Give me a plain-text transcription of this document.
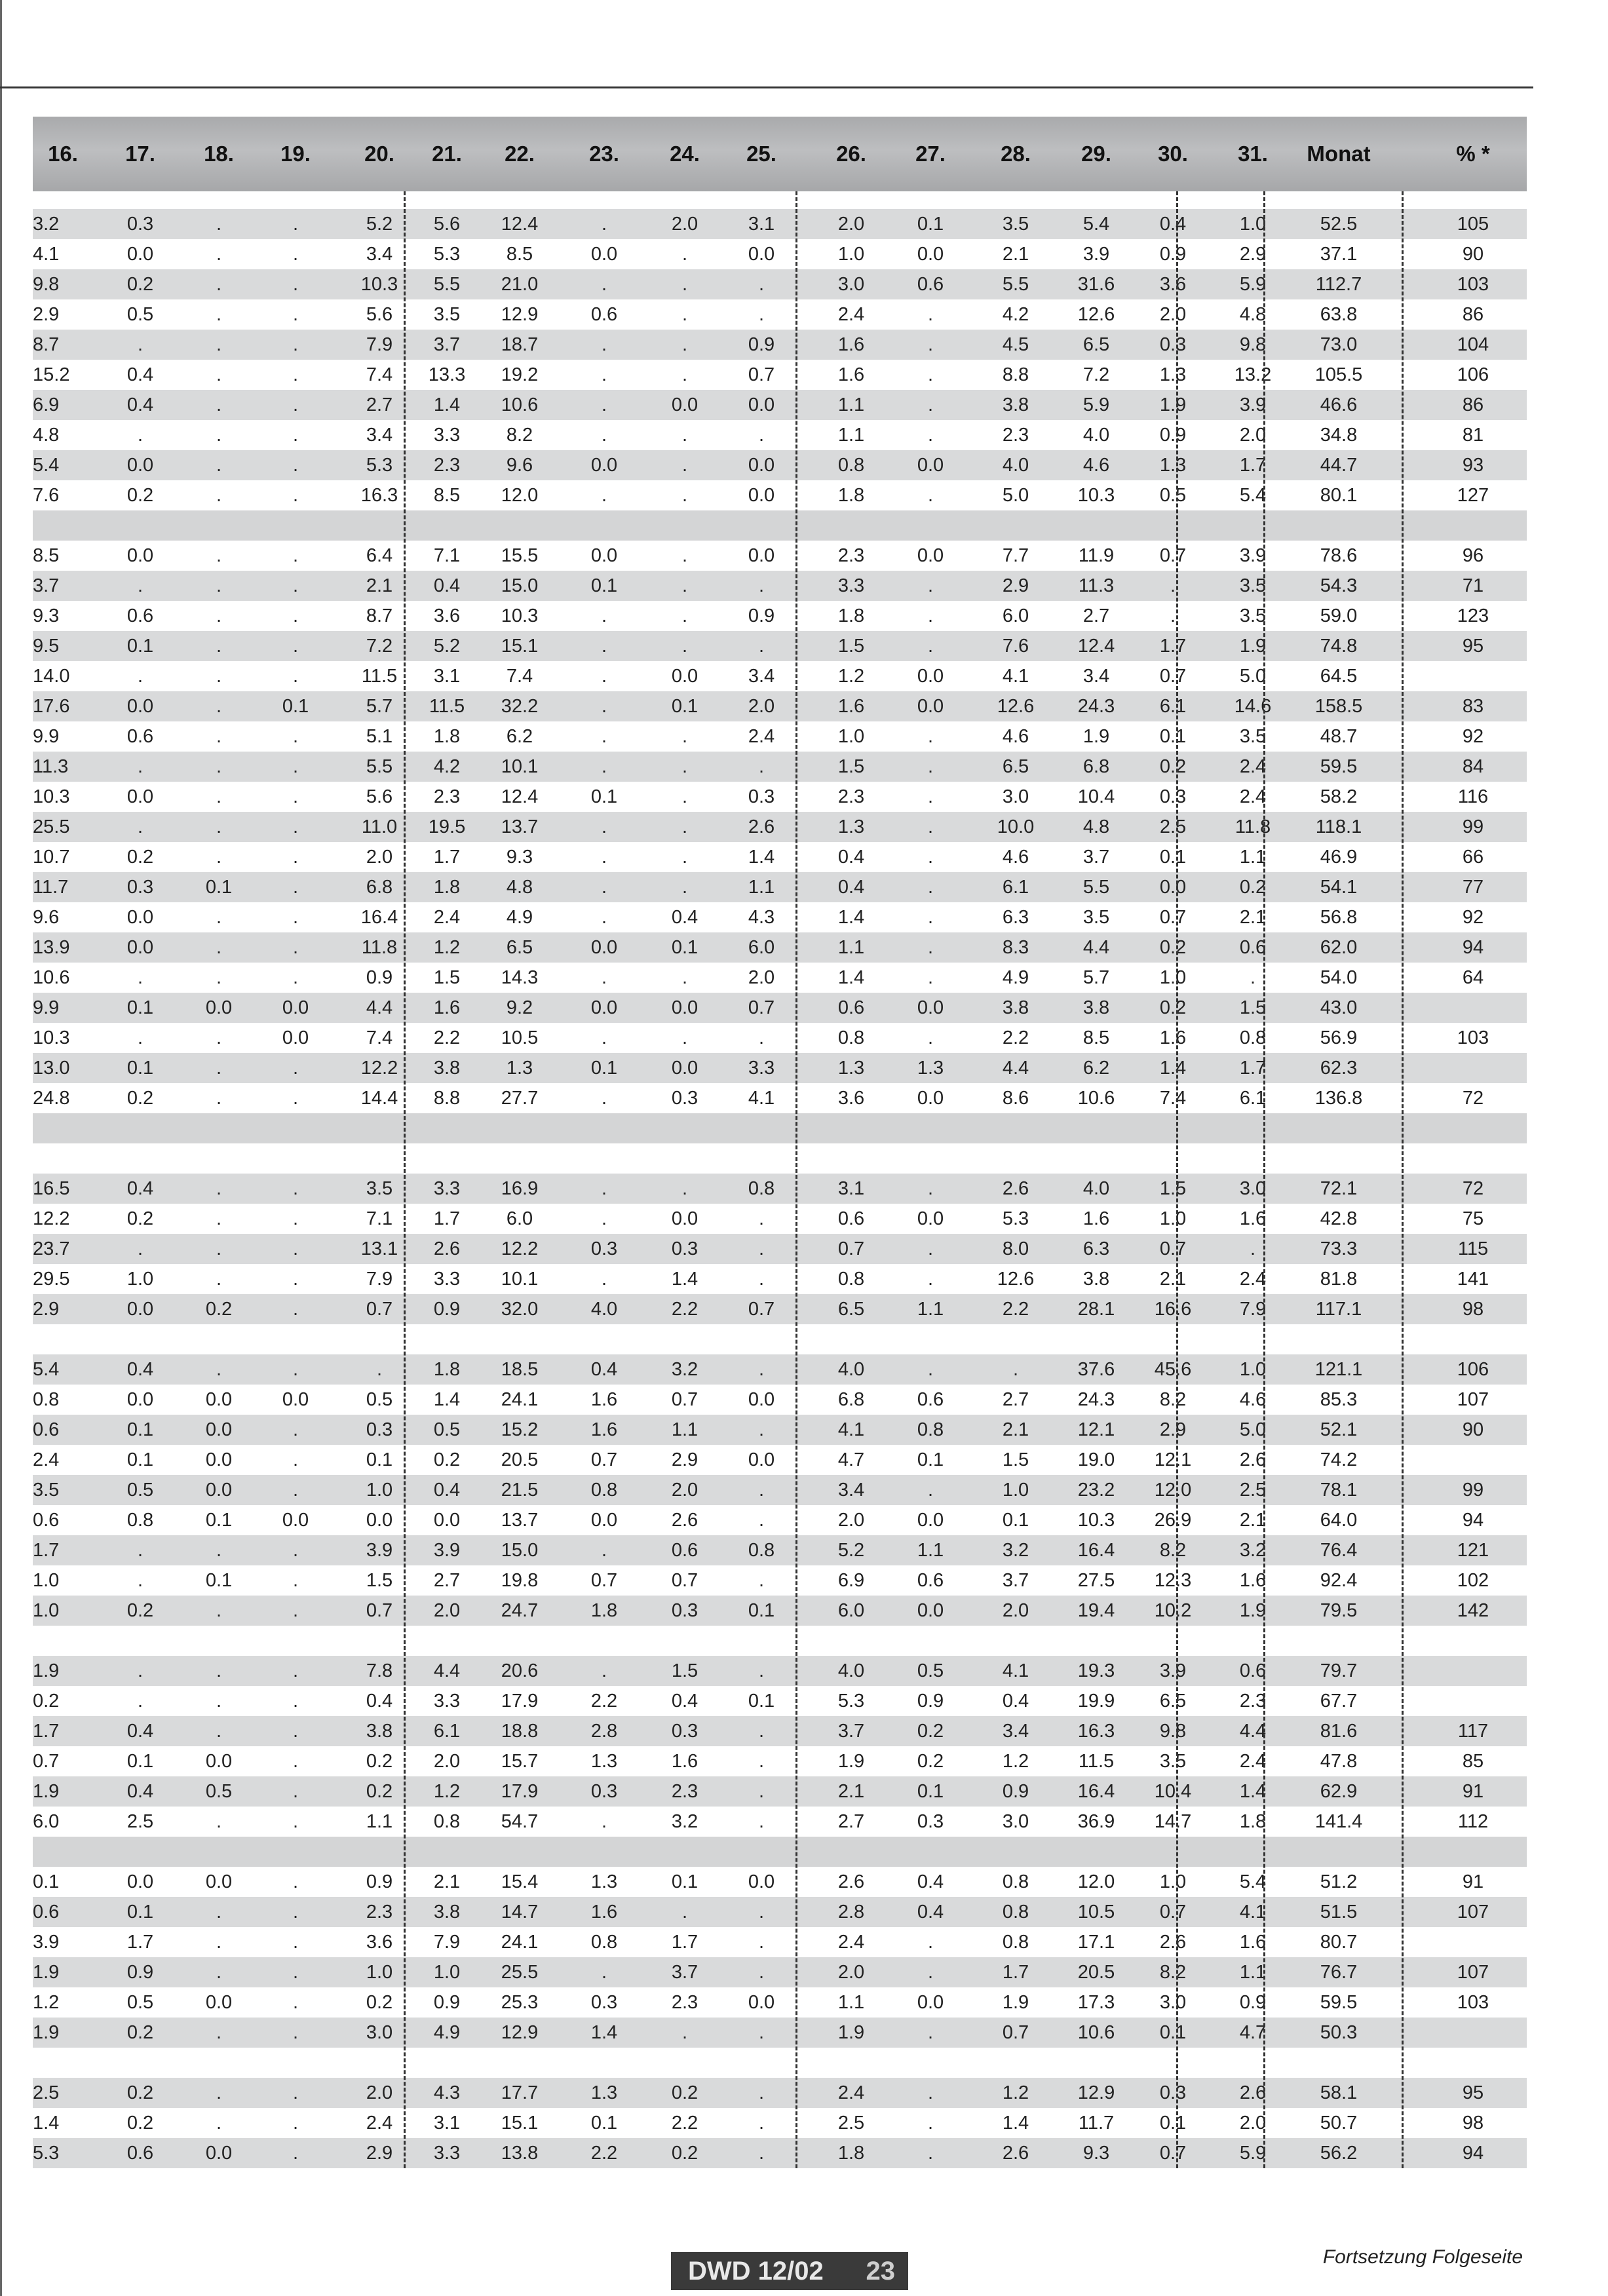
16. 17. 18. 19. 20. 21. 22.	23. 24. 25.	26. 27.	28. 29. 30. 31. Monat	% *
3.2	0.3	.	.	5.2 5.6 12.4	.	2.0	3.1	2.0	0.1	3.5	5.4	0.4	1.0	52.5	105
4.1	0.0	.	.	3.4 5.3 8.5	0.0	.	0.0	1.0	0.0	2.1	3.9	0.9	2.9	37.1	90
9.8	0.2	.	.	10.3 5.5 21.0	.	.	.	3.0	0.6	5.5	31.6 3.6	5.9	112.7	103
2.9	0.5	.	.	5.6 3.5 12.9	0.6	.	.	2.4	.	4.2	12.6 2.0	4.8	63.8	86
8.7	.	.	.	7.9 3.7 18.7	.	.	0.9	1.6	.	4.5	6.5	0.3	9.8	73.0	104
15.2	0.4	.	.	7.4 13.3 19.2	.	.	0.7	1.6	.	8.8	7.2	1.3	13.2 105.5	106
6.9	0.4	.	.	2.7 1.4 10.6	.	0.0	0.0	1.1	.	3.8	5.9	1.9	3.9	46.6	86
4.8	.	.	.	3.4 3.3 8.2	.	.	.	1.1	.	2.3	4.0	0.9	2.0	34.8	81
5.4	0.0	.	.	5.3 2.3 9.6	0.0	.	0.0	0.8	0.0	4.0	4.6	1.3	1.7	44.7	93
7.6	0.2	.	.	16.3 8.5 12.0	.	.	0.0	1.8	.	5.0	10.3 0.5	5.4	80.1	127
8.5	0.0	.	.	6.4 7.1 15.5	0.0	.	0.0	2.3	0.0	7.7	11.9 0.7	3.9	78.6	96
3.7	.	.	.	2.1 0.4 15.0	0.1	.	.	3.3	.	2.9	11.3	.	3.5	54.3	71
9.3	0.6	.	.	8.7 3.6 10.3	.	.	0.9	1.8	.	6.0	2.7	.	3.5	59.0	123
9.5	0.1	.	.	7.2 5.2 15.1	.	.	.	1.5	.	7.6	12.4 1.7	1.9	74.8	95
14.0	.	.	.	11.5 3.1 7.4	.	0.0	3.4	1.2	0.0	4.1	3.4	0.7	5.0	64.5
17.6	0.0	.	0.1	5.7 11.5 32.2	.	0.1	2.0	1.6	0.0	12.6 24.3 6.1	14.6 158.5	83
9.9	0.6	.	.	5.1 1.8 6.2	.	.	2.4	1.0	.	4.6	1.9	0.1	3.5	48.7	92
11.3	.	.	.	5.5 4.2 10.1	.	.	.	1.5	.	6.5	6.8	0.2	2.4	59.5	84
10.3	0.0	.	.	5.6 2.3 12.4	0.1	.	0.3	2.3	.	3.0	10.4 0.3	2.4	58.2	116
25.5	.	.	.	11.0 19.5 13.7	.	.	2.6	1.3	.	10.0	4.8	2.5	11.8 118.1	99
10.7	0.2	.	.	2.0 1.7 9.3	.	.	1.4	0.4	.	4.6	3.7	0.1	1.1	46.9	66
11.7	0.3	0.1	.	6.8 1.8 4.8	.	.	1.1	0.4	.	6.1	5.5	0.0	0.2	54.1	77
9.6	0.0	.	.	16.4 2.4 4.9	.	0.4	4.3	1.4	.	6.3	3.5	0.7	2.1	56.8	92
13.9	0.0	.	.	11.8 1.2 6.5	0.0	0.1	6.0	1.1	.	8.3	4.4	0.2	0.6	62.0	94
10.6	.	.	.	0.9 1.5 14.3	.	.	2.0	1.4	.	4.9	5.7	1.0	.	54.0	64
9.9	0.1	0.0	0.0	4.4 1.6 9.2	0.0	0.0	0.7	0.6	0.0	3.8	3.8	0.2	1.5	43.0
10.3	.	.	0.0	7.4 2.2 10.5	.	.	.	0.8	.	2.2	8.5	1.6	0.8	56.9	103
13.0	0.1	.	.	12.2 3.8 1.3	0.1	0.0	3.3	1.3	1.3	4.4	6.2	1.4	1.7	62.3
24.8	0.2	.	.	14.4 8.8 27.7	.	0.3	4.1	3.6	0.0	8.6	10.6 7.4	6.1	136.8	72
16.5	0.4	.	.	3.5 3.3 16.9	.	.	0.8	3.1	.	2.6	4.0	1.5	3.0	72.1	72
12.2	0.2	.	.	7.1 1.7 6.0	.	0.0	.	0.6	0.0	5.3	1.6	1.0	1.6	42.8	75
23.7	.	.	.	13.1 2.6 12.2	0.3	0.3	.	0.7	.	8.0	6.3	0.7	.	73.3	115
29.5	1.0	.	.	7.9 3.3 10.1	.	1.4	.	0.8	.	12.6	3.8	2.1	2.4	81.8	141
2.9	0.0	0.2	.	0.7 0.9 32.0	4.0	2.2	0.7	6.5	1.1	2.2	28.1 16.6	7.9	117.1	98
5.4	0.4	.	.	.	1.8 18.5	0.4	3.2	.	4.0	.	.	37.6 45.6	1.0	121.1	106
0.8	0.0	0.0	0.0	0.5 1.4 24.1	1.6	0.7	0.0	6.8	0.6	2.7	24.3 8.2	4.6	85.3	107
0.6	0.1	0.0	.	0.3 0.5 15.2	1.6	1.1	.	4.1	0.8	2.1	12.1 2.9	5.0	52.1	90
2.4	0.1	0.0	.	0.1 0.2 20.5	0.7	2.9	0.0	4.7	0.1	1.5	19.0 12.1	2.6	74.2
3.5	0.5	0.0	.	1.0 0.4 21.5	0.8	2.0	.	3.4	.	1.0	23.2 12.0	2.5	78.1	99
0.6	0.8	0.1	0.0	0.0 0.0 13.7	0.0	2.6	.	2.0	0.0	0.1	10.3 26.9	2.1	64.0	94
1.7	.	.	.	3.9 3.9 15.0	.	0.6	0.8	5.2	1.1	3.2	16.4 8.2	3.2	76.4	121
1.0	.	0.1	.	1.5 2.7 19.8	0.7	0.7	.	6.9	0.6	3.7	27.5 12.3	1.6	92.4	102
1.0	0.2	.	.	0.7 2.0 24.7	1.8	0.3	0.1	6.0	0.0	2.0	19.4 10.2	1.9	79.5	142
1.9	.	.	.	7.8 4.4 20.6	.	1.5	.	4.0	0.5	4.1	19.3 3.9	0.6	79.7
0.2	.	.	.	0.4 3.3 17.9	2.2	0.4	0.1	5.3	0.9	0.4	19.9 6.5	2.3	67.7
1.7	0.4	.	.	3.8 6.1 18.8	2.8	0.3	.	3.7	0.2	3.4	16.3 9.8	4.4	81.6	117
0.7	0.1	0.0	.	0.2 2.0 15.7	1.3	1.6	.	1.9	0.2	1.2	11.5 3.5	2.4	47.8	85
1.9	0.4	0.5	.	0.2 1.2 17.9	0.3	2.3	.	2.1	0.1	0.9	16.4 10.4	1.4	62.9	91
6.0	2.5	.	.	1.1 0.8 54.7	.	3.2	.	2.7	0.3	3.0	36.9 14.7	1.8	141.4	112
0.1	0.0	0.0	.	0.9 2.1 15.4	1.3	0.1	0.0	2.6	0.4	0.8	12.0 1.0	5.4	51.2	91
0.6	0.1	.	.	2.3 3.8 14.7	1.6	.	.	2.8	0.4	0.8	10.5 0.7	4.1	51.5	107
3.9	1.7	.	.	3.6 7.9 24.1	0.8	1.7	.	2.4	.	0.8	17.1 2.6	1.6	80.7
1.9	0.9	.	.	1.0 1.0 25.5	.	3.7	.	2.0	.	1.7	20.5 8.2	1.1	76.7	107
1.2	0.5	0.0	.	0.2 0.9 25.3	0.3	2.3	0.0	1.1	0.0	1.9	17.3 3.0	0.9	59.5	103
1.9	0.2	.	.	3.0 4.9 12.9	1.4	.	.	1.9	.	0.7	10.6 0.1	4.7	50.3
2.5	0.2	.	.	2.0 4.3 17.7	1.3	0.2	.	2.4	.	1.2	12.9 0.3	2.6	58.1	95
1.4	0.2	.	.	2.4 3.1 15.1	0.1	2.2	.	2.5	.	1.4	11.7 0.1	2.0	50.7	98
5.3	0.6	0.0	.	2.9 3.3 13.8	2.2	0.2	.	1.8	.	2.6	9.3	0.7	5.9	56.2	94
DWD 12/02 23	Fortsetzung Folgeseite
